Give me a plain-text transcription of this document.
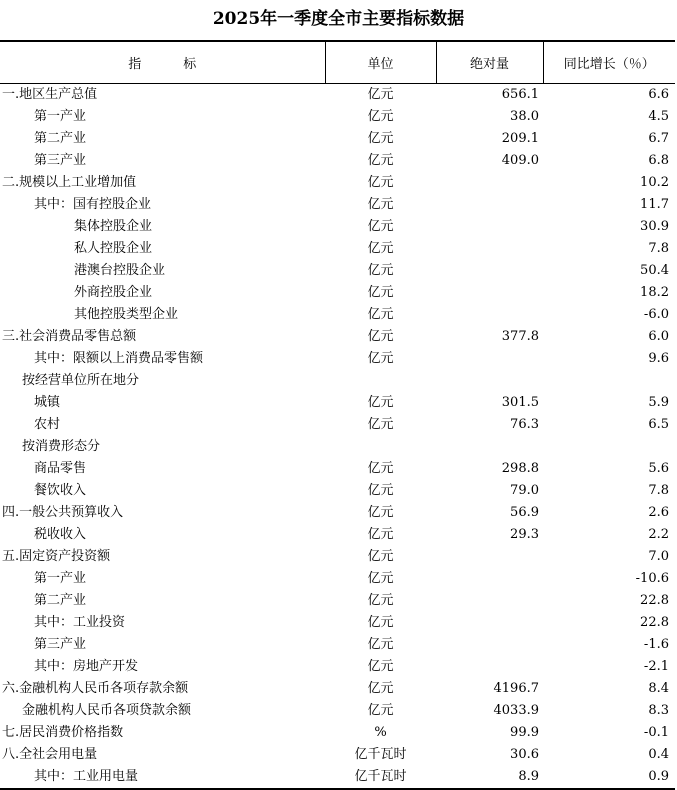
2025年一季度全市主要指标数据
指标	单位	绝对量	同比增长（％）
一.地区生产总值	亿元	656.1	6.6
第一产业	亿元	38.0	4.5
第二产业	亿元	209.1	6.7
第三产业	亿元	409.0	6.8
二.规模以上工业增加值	亿元		10.2
其中：国有控股企业	亿元		11.7
集体控股企业	亿元		30.9
私人控股企业	亿元		7.8
港澳台控股企业	亿元		50.4
外商控股企业	亿元		18.2
其他控股类型企业	亿元		-6.0
三.社会消费品零售总额	亿元	377.8	6.0
其中：限额以上消费品零售额	亿元		9.6
按经营单位所在地分			
城镇	亿元	301.5	5.9
农村	亿元	76.3	6.5
按消费形态分			
商品零售	亿元	298.8	5.6
餐饮收入	亿元	79.0	7.8
四.一般公共预算收入	亿元	56.9	2.6
税收收入	亿元	29.3	2.2
五.固定资产投资额	亿元		7.0
第一产业	亿元		-10.6
第二产业	亿元		22.8
其中：工业投资	亿元		22.8
第三产业	亿元		-1.6
其中：房地产开发	亿元		-2.1
六.金融机构人民币各项存款余额	亿元	4196.7	8.4
金融机构人民币各项贷款余额	亿元	4033.9	8.3
七.居民消费价格指数	%	99.9	-0.1
八.全社会用电量	亿千瓦时	30.6	0.4
其中：工业用电量	亿千瓦时	8.9	0.9
